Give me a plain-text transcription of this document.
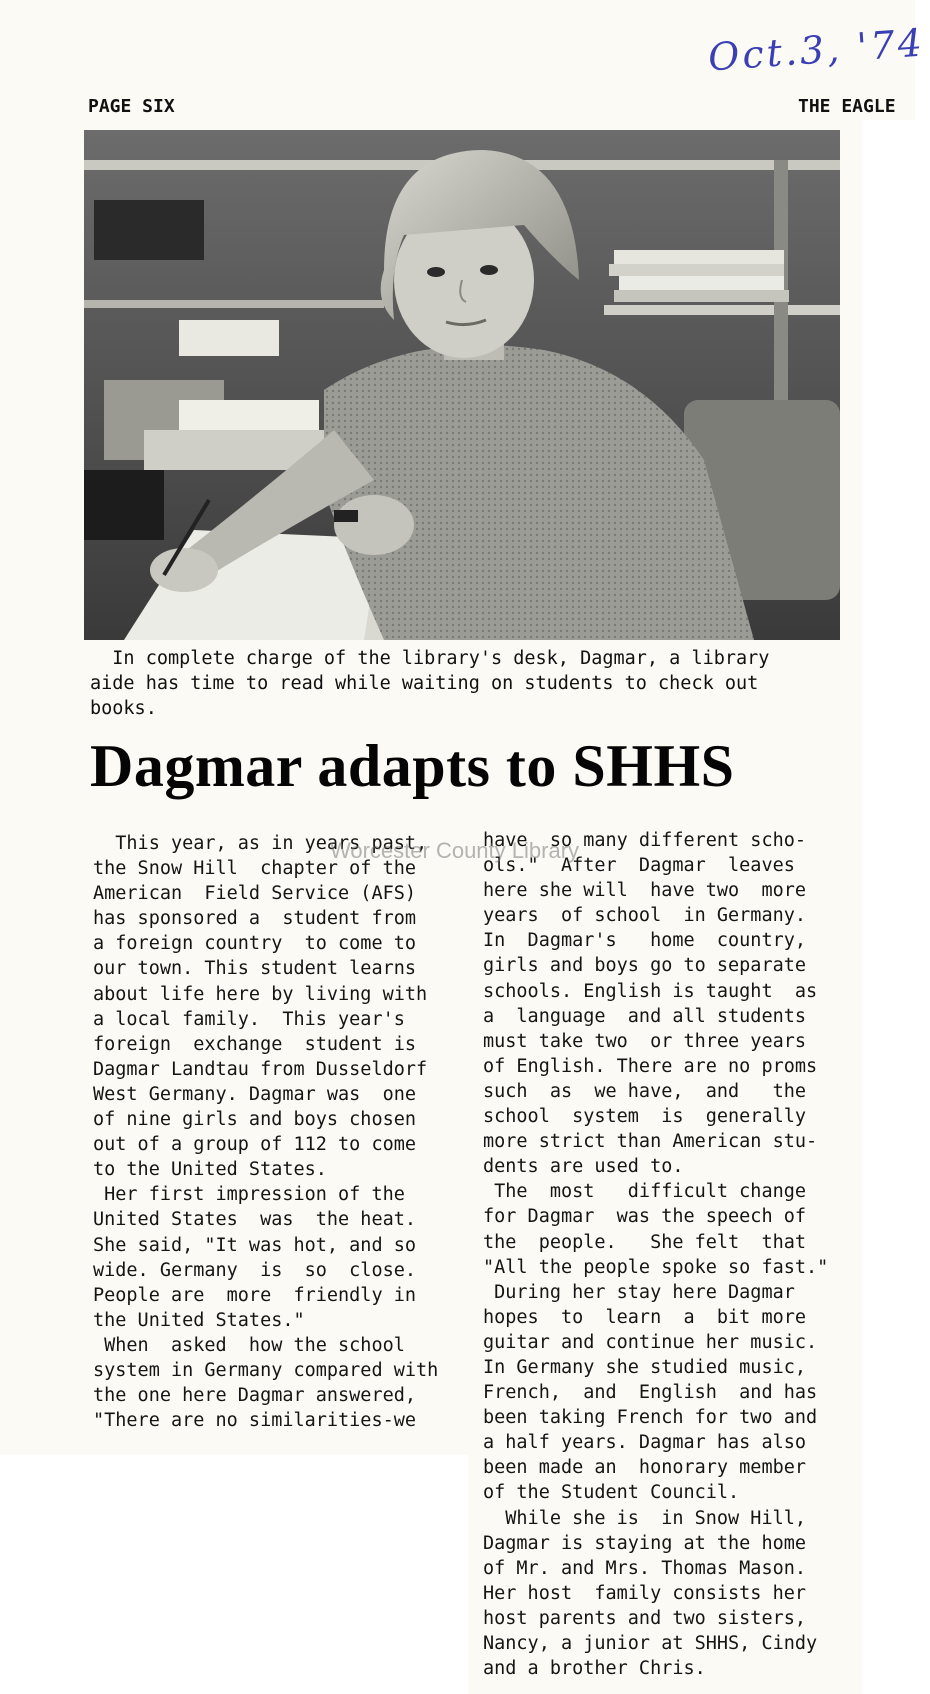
Oct.3, '74
PAGE SIX	THE EAGLE
In complete charge of the library's desk, Dagmar, a library
aide has time to read while waiting on students to check out
books.
Dagmar adapts to SHHS
This year, as in years past,
the Snow Hill  chapter of the
American  Field Service (AFS)
has sponsored a  student from
a foreign country  to come to
our town. This student learns
about life here by living with
a local family.  This year's
foreign  exchange  student is
Dagmar Landtau from Dusseldorf
West Germany. Dagmar was  one
of nine girls and boys chosen
out of a group of 112 to come
to the United States.
Her first impression of the
United States  was  the heat.
She said, "It was hot, and so
wide. Germany  is  so  close.
People are  more  friendly in
the United States."
When  asked  how the school
system in Germany compared with
the one here Dagmar answered,
"There are no similarities-we
have  so many different scho-
ols."  After  Dagmar  leaves
here she will  have two  more
years  of school  in Germany.
In  Dagmar's   home  country,
girls and boys go to separate
schools. English is taught  as
a  language  and all students
must take two  or three years
of English. There are no proms
such  as  we have,  and   the
school  system  is  generally
more strict than American stu-
dents are used to.
The  most   difficult change
for Dagmar  was the speech of
the  people.   She felt  that
"All the people spoke so fast."
During her stay here Dagmar
hopes  to  learn  a  bit more
guitar and continue her music.
In Germany she studied music,
French,  and  English  and has
been taking French for two and
a half years. Dagmar has also
been made an  honorary member
of the Student Council.
While she is  in Snow Hill,
Dagmar is staying at the home
of Mr. and Mrs. Thomas Mason.
Her host  family consists her
host parents and two sisters,
Nancy, a junior at SHHS, Cindy
and a brother Chris.
Worcester County Library
